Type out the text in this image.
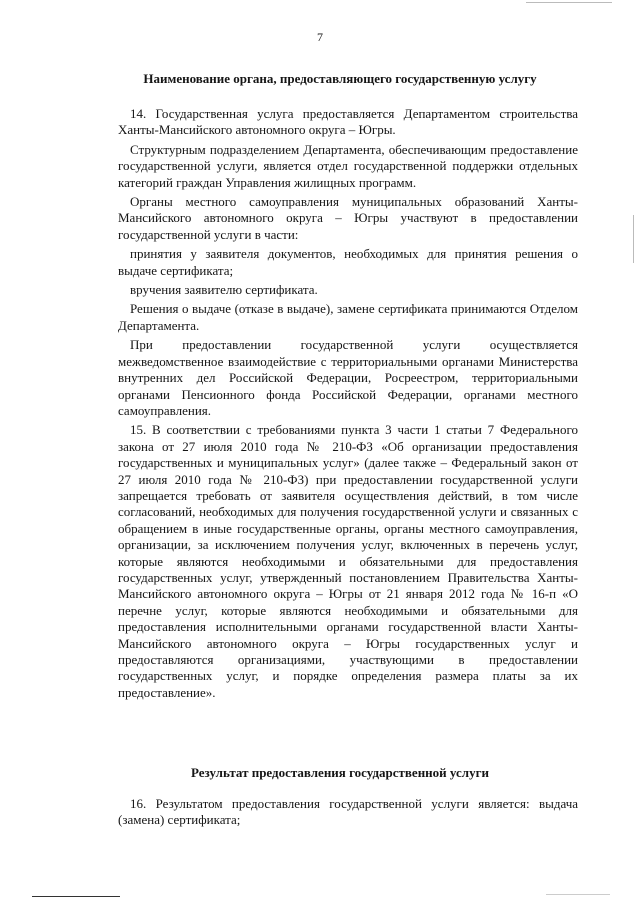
7
Наименование органа, предоставляющего государственную услугу

14. Государственная услуга предоставляется Департаментом строительства Ханты-Мансийского автономного округа – Югры.

Структурным подразделением Департамента, обеспечивающим предоставление государственной услуги, является отдел государственной поддержки отдельных категорий граждан Управления жилищных программ.

Органы местного самоуправления муниципальных образований Ханты-Мансийского автономного округа – Югры участвуют в предоставлении государственной услуги в части:

принятия у заявителя документов, необходимых для принятия решения о выдаче сертификата;

вручения заявителю сертификата.

Решения о выдаче (отказе в выдаче), замене сертификата принимаются Отделом Департамента.

При предоставлении государственной услуги осуществляется межведомственное взаимодействие с территориальными органами Министерства внутренних дел Российской Федерации, Росреестром, территориальными органами Пенсионного фонда Российской Федерации, органами местного самоуправления.

15. В соответствии с требованиями пункта 3 части 1 статьи 7 Федерального закона от 27 июля 2010 года № 210-ФЗ «Об организации предоставления государственных и муниципальных услуг» (далее также – Федеральный закон от 27 июля 2010 года № 210-ФЗ) при предоставлении государственной услуги запрещается требовать от заявителя осуществления действий, в том числе согласований, необходимых для получения государственной услуги и связанных с обращением в иные государственные органы, органы местного самоуправления, организации, за исключением получения услуг, включенных в перечень услуг, которые являются необходимыми и обязательными для предоставления государственных услуг, утвержденный постановлением Правительства Ханты-Мансийского автономного округа – Югры от 21 января 2012 года № 16-п «О перечне услуг, которые являются необходимыми и обязательными для предоставления исполнительными органами государственной власти Ханты-Мансийского автономного округа – Югры государственных услуг и предоставляются организациями, участвующими в предоставлении государственных услуг, и порядке определения размера платы за их предоставление».

Результат предоставления государственной услуги

16. Результатом предоставления государственной услуги является: выдача (замена) сертификата;
